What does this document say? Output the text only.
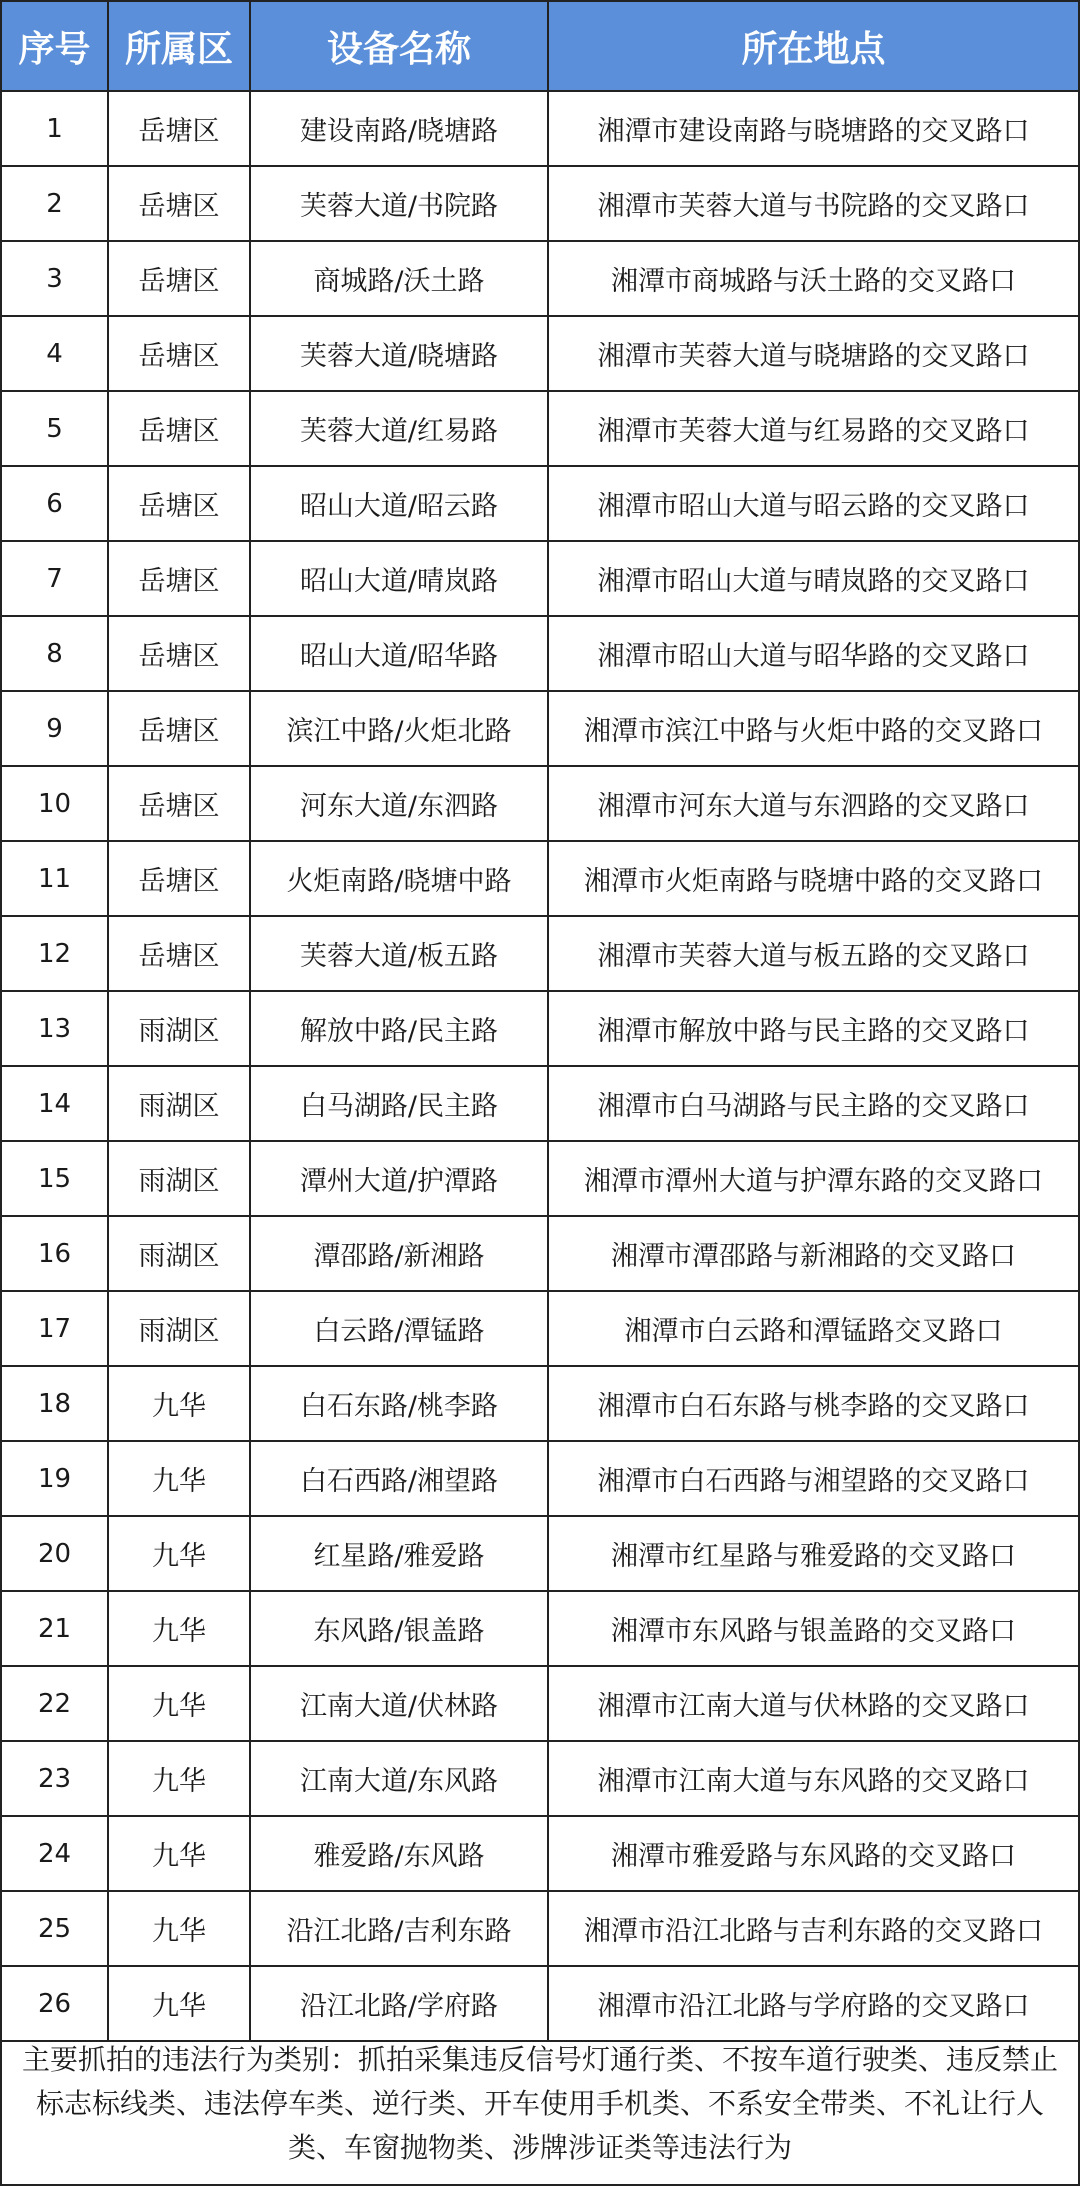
序号	所属区	设备名称	所在地点
1	岳塘区	建设南路/晓塘路	湘潭市建设南路与晓塘路的交叉路口
2	岳塘区	芙蓉大道/书院路	湘潭市芙蓉大道与书院路的交叉路口
3	岳塘区	商城路/沃土路	湘潭市商城路与沃土路的交叉路口
4	岳塘区	芙蓉大道/晓塘路	湘潭市芙蓉大道与晓塘路的交叉路口
5	岳塘区	芙蓉大道/红易路	湘潭市芙蓉大道与红易路的交叉路口
6	岳塘区	昭山大道/昭云路	湘潭市昭山大道与昭云路的交叉路口
7	岳塘区	昭山大道/晴岚路	湘潭市昭山大道与晴岚路的交叉路口
8	岳塘区	昭山大道/昭华路	湘潭市昭山大道与昭华路的交叉路口
9	岳塘区	滨江中路/火炬北路	湘潭市滨江中路与火炬中路的交叉路口
10	岳塘区	河东大道/东泗路	湘潭市河东大道与东泗路的交叉路口
11	岳塘区	火炬南路/晓塘中路	湘潭市火炬南路与晓塘中路的交叉路口
12	岳塘区	芙蓉大道/板五路	湘潭市芙蓉大道与板五路的交叉路口
13	雨湖区	解放中路/民主路	湘潭市解放中路与民主路的交叉路口
14	雨湖区	白马湖路/民主路	湘潭市白马湖路与民主路的交叉路口
15	雨湖区	潭州大道/护潭路	湘潭市潭州大道与护潭东路的交叉路口
16	雨湖区	潭邵路/新湘路	湘潭市潭邵路与新湘路的交叉路口
17	雨湖区	白云路/潭锰路	湘潭市白云路和潭锰路交叉路口
18	九华	白石东路/桃李路	湘潭市白石东路与桃李路的交叉路口
19	九华	白石西路/湘望路	湘潭市白石西路与湘望路的交叉路口
20	九华	红星路/雅爱路	湘潭市红星路与雅爱路的交叉路口
21	九华	东风路/银盖路	湘潭市东风路与银盖路的交叉路口
22	九华	江南大道/伏林路	湘潭市江南大道与伏林路的交叉路口
23	九华	江南大道/东风路	湘潭市江南大道与东风路的交叉路口
24	九华	雅爱路/东风路	湘潭市雅爱路与东风路的交叉路口
25	九华	沿江北路/吉利东路	湘潭市沿江北路与吉利东路的交叉路口
26	九华	沿江北路/学府路	湘潭市沿江北路与学府路的交叉路口
主要抓拍的违法行为类别：抓拍采集违反信号灯通行类、不按车道行驶类、违反禁止标志标线类、违法停车类、逆行类、开车使用手机类、不系安全带类、不礼让行人类、车窗抛物类、涉牌涉证类等违法行为
